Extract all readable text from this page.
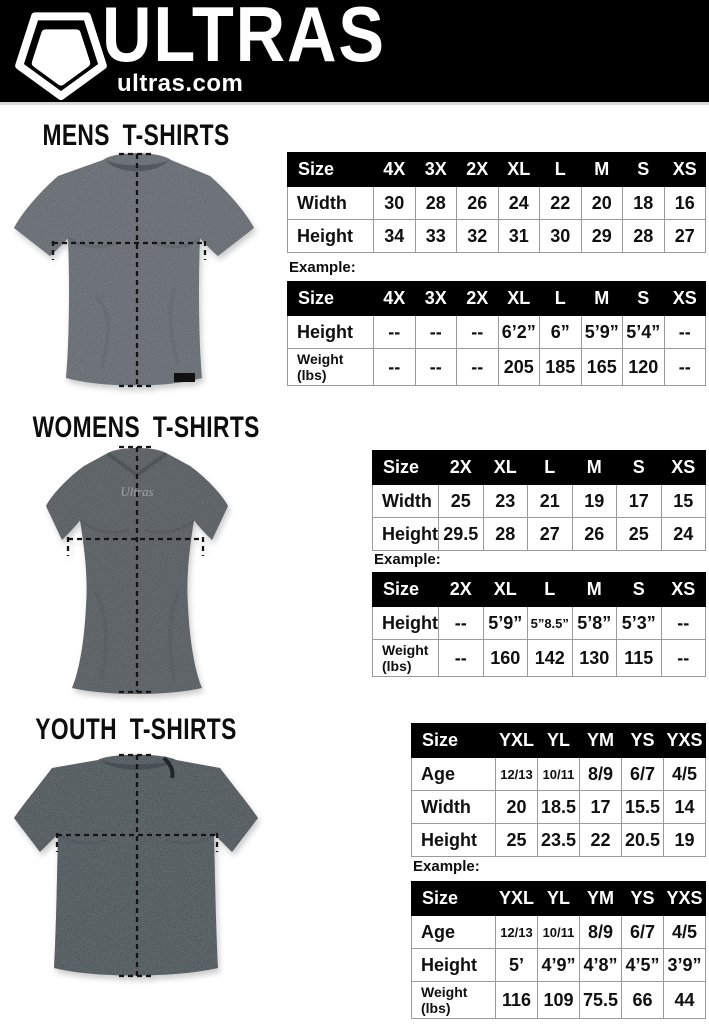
ULTRAS
ultras.com
MENS T-SHIRTS
WOMENS T-SHIRTS
YOUTH T-SHIRTS
Ultras
Size	4X	3X	2X	XL	L	M	S	XS
Width	30	28	26	24	22	20	18	16
Height	34	33	32	31	30	29	28	27
Example:
Size	4X	3X	2X	XL	L	M	S	XS
Height	--	--	--	6’2”	6”	5’9”	5’4”	--
Weight (lbs)	--	--	--	205	185	165	120	--
Size	2X	XL	L	M	S	XS
Width	25	23	21	19	17	15
Height	29.5	28	27	26	25	24
Example:
Size	2X	XL	L	M	S	XS
Height	--	5’9”	5”8.5”	5’8”	5’3”	--
Weight (lbs)	--	160	142	130	115	--
Size	YXL	YL	YM	YS	YXS
Age	12/13	10/11	8/9	6/7	4/5
Width	20	18.5	17	15.5	14
Height	25	23.5	22	20.5	19
Example:
Size	YXL	YL	YM	YS	YXS
Age	12/13	10/11	8/9	6/7	4/5
Height	5’	4’9”	4’8”	4’5”	3’9”
Weight (lbs)	116	109	75.5	66	44
